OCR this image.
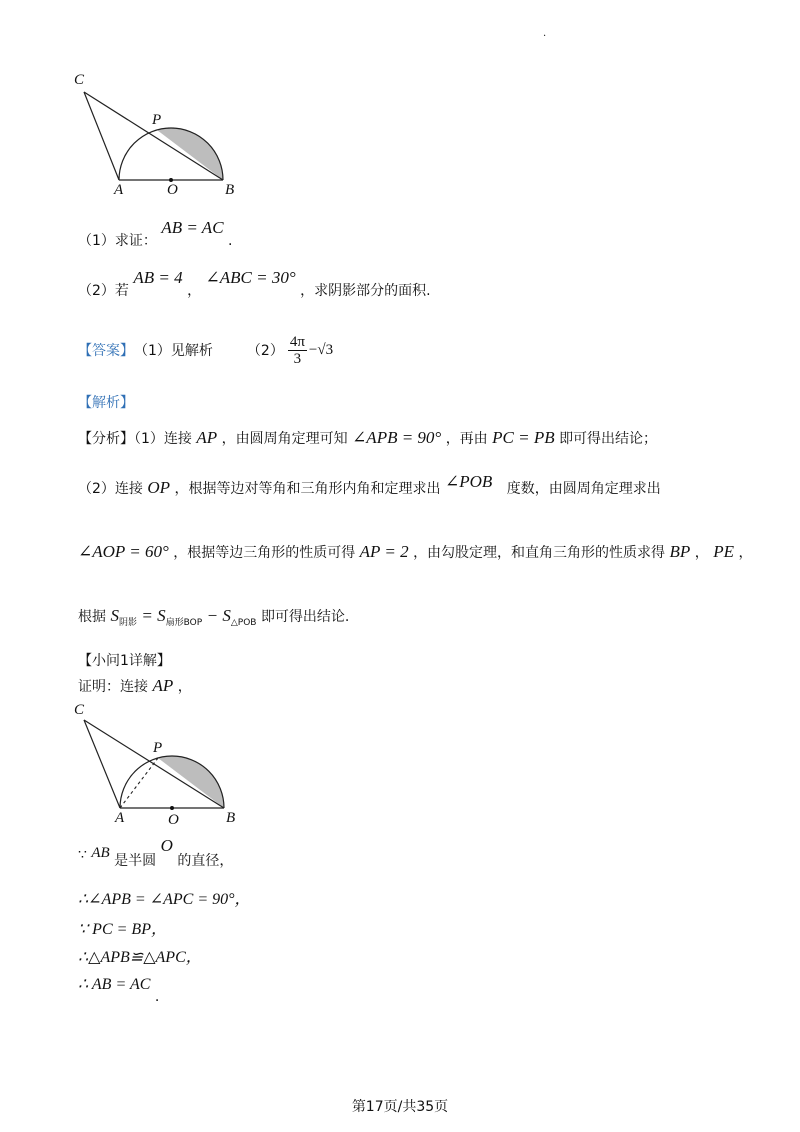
.
C
P
A	O	B
（1）求证： AB = AC .
（2）若 AB = 4 ， ∠ABC = 30° ，求阴影部分的面积.
【答案】 （1）见解析 $(2) \frac{4\pi}{3} -√3$
【解析】
【分析】（1）连接 AP ，由圆周角定理可知 ∠APB = 90° ，再由 PC = PB 即可得出结论；
（2）连接 OP ，根据等边对等角和三角形内角和定理求出 ∠POB 度数，由圆周角定理求出
∠AOP = 60° ，根据等边三角形的性质可得 AP = 2 ，由勾股定理，和直角三角形的性质求得 BP ， PE ，
根据 $S_{阴影} = S_{扇形BOP} - S_{\triangle POB}$ 即可得出结论.
【小问1详解】
证明：连接 AP ，
C
P
A	O	B
∵ AB 是半圆 O 的直径，
∴∠APB = ∠APC = 90°，
∵ PC = BP，
∴△APB≌△APC，
∴ AB = AC .
第17页/共35页
